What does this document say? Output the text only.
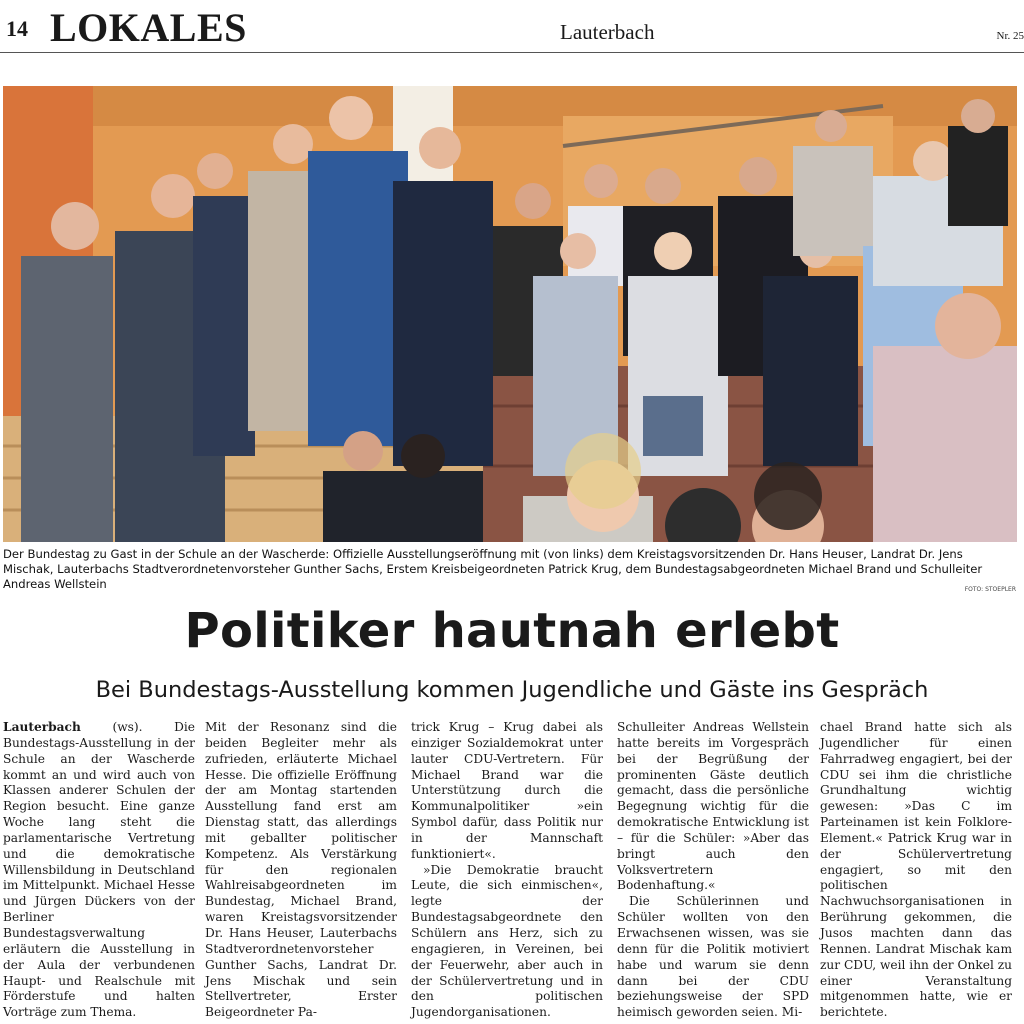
14 LOKALES	Lauterbach	Nr. 25
Der Bundestag zu Gast in der Schule an der Wascherde: Offizielle Ausstellungseröffnung mit (von links) dem Kreistagsvorsitzenden Dr. Hans Heuser, Landrat Dr. Jens Mischak, Lauterbachs Stadtverordnetenvorsteher Gunther Sachs, Erstem Kreisbeigeordneten Patrick Krug, dem Bundestagsabgeordneten Michael Brand und Schulleiter Andreas Wellstein	FOTO: STOEPLER
Politiker hautnah erlebt
Bei Bundestags-Ausstellung kommen Jugendliche und Gäste ins Gespräch

Lauterbach	(ws). Die Bundestags-Ausstellung in der Schule an der Wascherde kommt an und wird auch von Klassen anderer Schulen der Region besucht. Eine ganze Woche lang steht die parlamentarische Vertretung und die demokratische Willensbildung in Deutschland im Mittelpunkt. Michael Hesse und Jürgen Dückers von der Berliner Bundestagsverwaltung erläutern die Ausstellung in der Aula der verbundenen Haupt- und Realschule mit Förderstufe und halten Vorträge zum Thema.

Mit der Resonanz sind die beiden Begleiter mehr als zufrieden, erläuterte Michael Hesse. Die offizielle Eröffnung der am Montag startenden Ausstellung fand erst am Dienstag statt, das allerdings mit geballter politischer Kompetenz. Als Verstärkung für den regionalen Wahlreisabgeordneten im Bundestag, Michael Brand, waren Kreistagsvorsitzender Dr. Hans Heuser, Lauterbachs Stadtverordnetenvorsteher Gunther Sachs, Landrat Dr. Jens Mischak und sein Stellvertreter, Erster Beigeordneter Pa-

trick Krug – Krug dabei als einziger Sozialdemokrat unter lauter CDU-Vertretern. Für Michael Brand war die Unterstützung durch die Kommunalpolitiker »ein Symbol dafür, dass Politik nur in der Mannschaft funktioniert«.

»Die Demokratie braucht Leute, die sich einmischen«, legte der Bundestagsabgeordnete den Schülern ans Herz, sich zu engagieren, in Vereinen, bei der Feuerwehr, aber auch in der Schülervertretung und in den politischen Jugendorganisationen.

Schulleiter Andreas Wellstein hatte bereits im Vorgespräch bei der Begrüßung der prominenten Gäste deutlich gemacht, dass die persönliche Begegnung wichtig für die demokratische Entwicklung ist – für die Schüler: »Aber das bringt auch den Volksvertretern Bodenhaftung.«

Die Schülerinnen und Schüler wollten von den Erwachsenen wissen, was sie denn für die Politik motiviert habe und warum sie denn dann bei der CDU beziehungsweise der SPD heimisch geworden seien. Mi-

chael Brand hatte sich als Jugendlicher für einen Fahrradweg engagiert, bei der CDU sei ihm die christliche Grundhaltung wichtig gewesen: »Das C im Parteinamen ist kein Folklore-Element.« Patrick Krug war in der Schülervertretung engagiert, so mit den politischen Nachwuchsorganisationen in Berührung gekommen, die Jusos machten dann das Rennen. Landrat Mischak kam zur CDU, weil ihn der Onkel zu einer Veranstaltung mitgenommen hatte, wie er berichtete.
